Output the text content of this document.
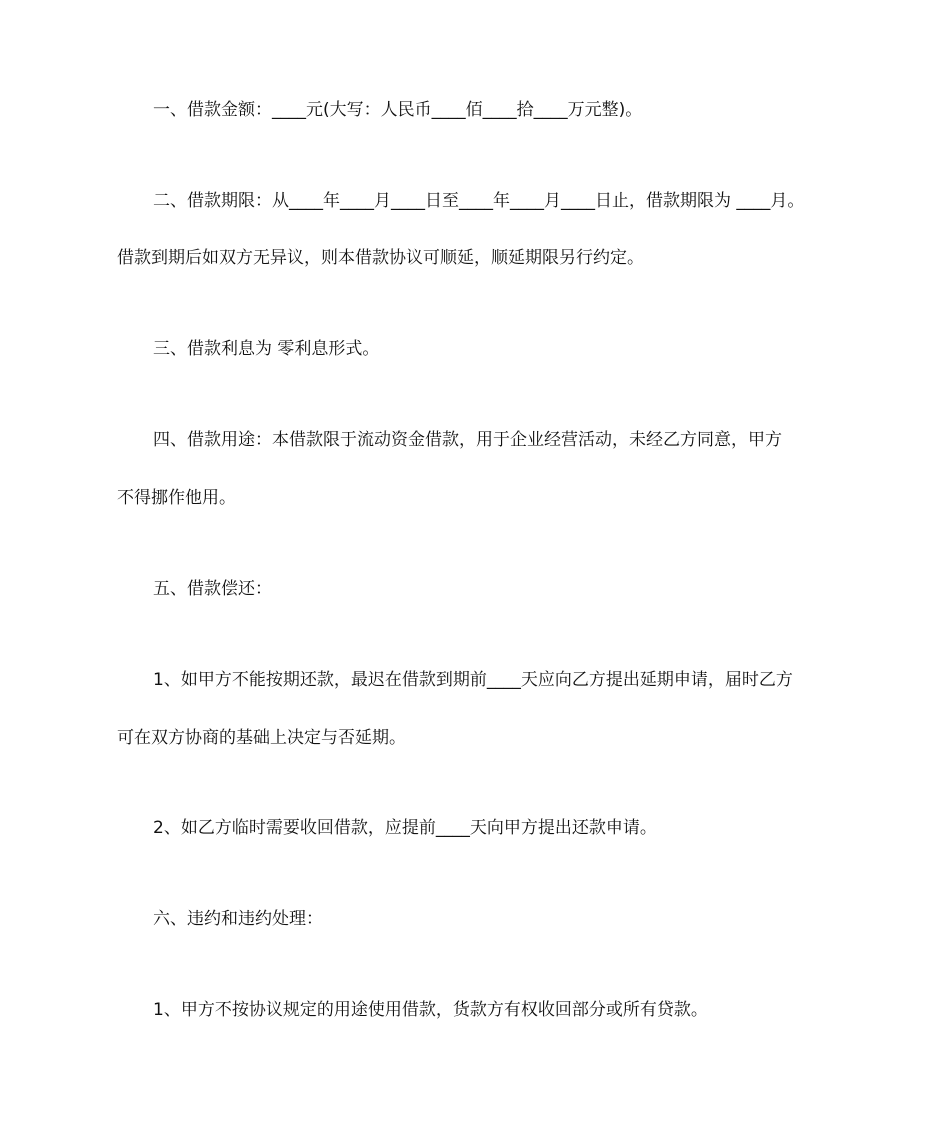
一、借款金额：____元(大写：人民币____佰____拾____万元整)。
二、借款期限：从____年____月____日至____年____月____日止，借款期限为 ____月。
借款到期后如双方无异议，则本借款协议可顺延，顺延期限另行约定。
三、借款利息为 零利息形式。
四、借款用途：本借款限于流动资金借款，用于企业经营活动，未经乙方同意，甲方
不得挪作他用。
五、借款偿还：
1、如甲方不能按期还款，最迟在借款到期前____天应向乙方提出延期申请，届时乙方
可在双方协商的基础上决定与否延期。
2、如乙方临时需要收回借款，应提前____天向甲方提出还款申请。
六、违约和违约处理：
1、甲方不按协议规定的用途使用借款，货款方有权收回部分或所有贷款。
